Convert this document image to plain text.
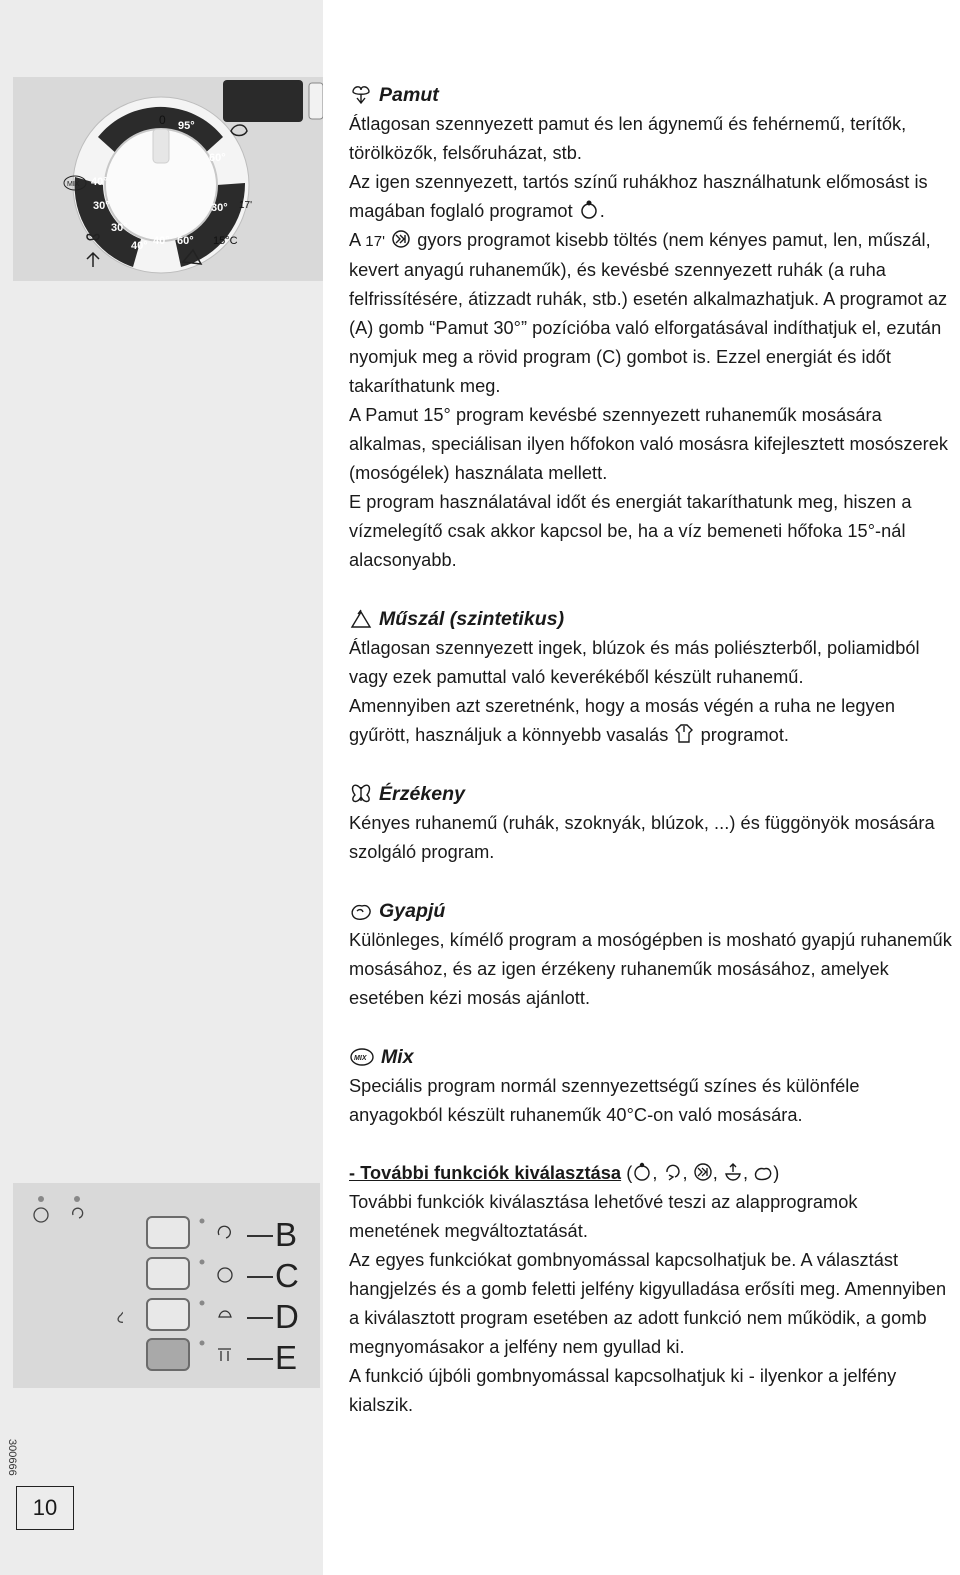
0 95°
60°
40°
30°
30°
40° 40° 60°
30°
15°C
17'
MIX
B
C
D
E
300666
10
Pamut

Átlagosan szennyezett pamut és len ágynemű és fehérnemű, terítők, törölközők, felsőruházat, stb.

Az igen szennyezett, tartós színű ruhákhoz használhatunk előmosást is magában foglaló programot .

A 17' gyors programot kisebb töltés (nem kényes pamut, len, műszál, kevert anyagú ruhaneműk), és kevésbé szennyezett ruhák (a ruha felfrissítésére, átizzadt ruhák, stb.) esetén alkalmazhatjuk. A programot az (A) gomb “Pamut 30°” pozícióba való elforgatásával indíthatjuk el, ezután nyomjuk meg a rövid program (C) gombot is. Ezzel energiát és időt takaríthatunk meg.

A Pamut 15° program kevésbé szennyezett ruhaneműk mosására alkalmas, speciálisan ilyen hőfokon való mosásra kifejlesztett mosószerek (mosógélek) használata mellett.

E program használatával időt és energiát takaríthatunk meg, hiszen a vízmelegítő csak akkor kapcsol be, ha a víz bemeneti hőfoka 15°-nál alacsonyabb.

Műszál (szintetikus)

Átlagosan szennyezett ingek, blúzok és más poliészterből, poliamidból vagy ezek pamuttal való keverékéből készült ruhanemű.

Amennyiben azt szeretnénk, hogy a mosás végén a ruha ne legyen gyűrött, használjuk a könnyebb vasalás programot.

Érzékeny

Kényes ruhanemű (ruhák, szoknyák, blúzok, ...) és függönyök mosására szolgáló program.

Gyapjú

Különleges, kímélő program a mosógépben is mosható gyapjú ruhaneműk mosásához, és az igen érzékeny ruhaneműk mosásához, amelyek esetében kézi mosás ajánlott.

MIX Mix

Speciális program normál szennyezettségű színes és különféle anyagokból készült ruhaneműk 40°C-on való mosására.

- További funkciók kiválasztása ( , , , , )

További funkciók kiválasztása lehetővé teszi az alapprogramok menetének megváltoztatását.

Az egyes funkciókat gombnyomással kapcsolhatjuk be. A választást hangjelzés és a gomb feletti jelfény kigyulladása erősíti meg. Amennyiben a kiválasztott program esetében az adott funkció nem működik, a gomb megnyomásakor a jelfény nem gyullad ki.

A funkció újbóli gombnyomással kapcsolhatjuk ki - ilyenkor a jelfény kialszik.
